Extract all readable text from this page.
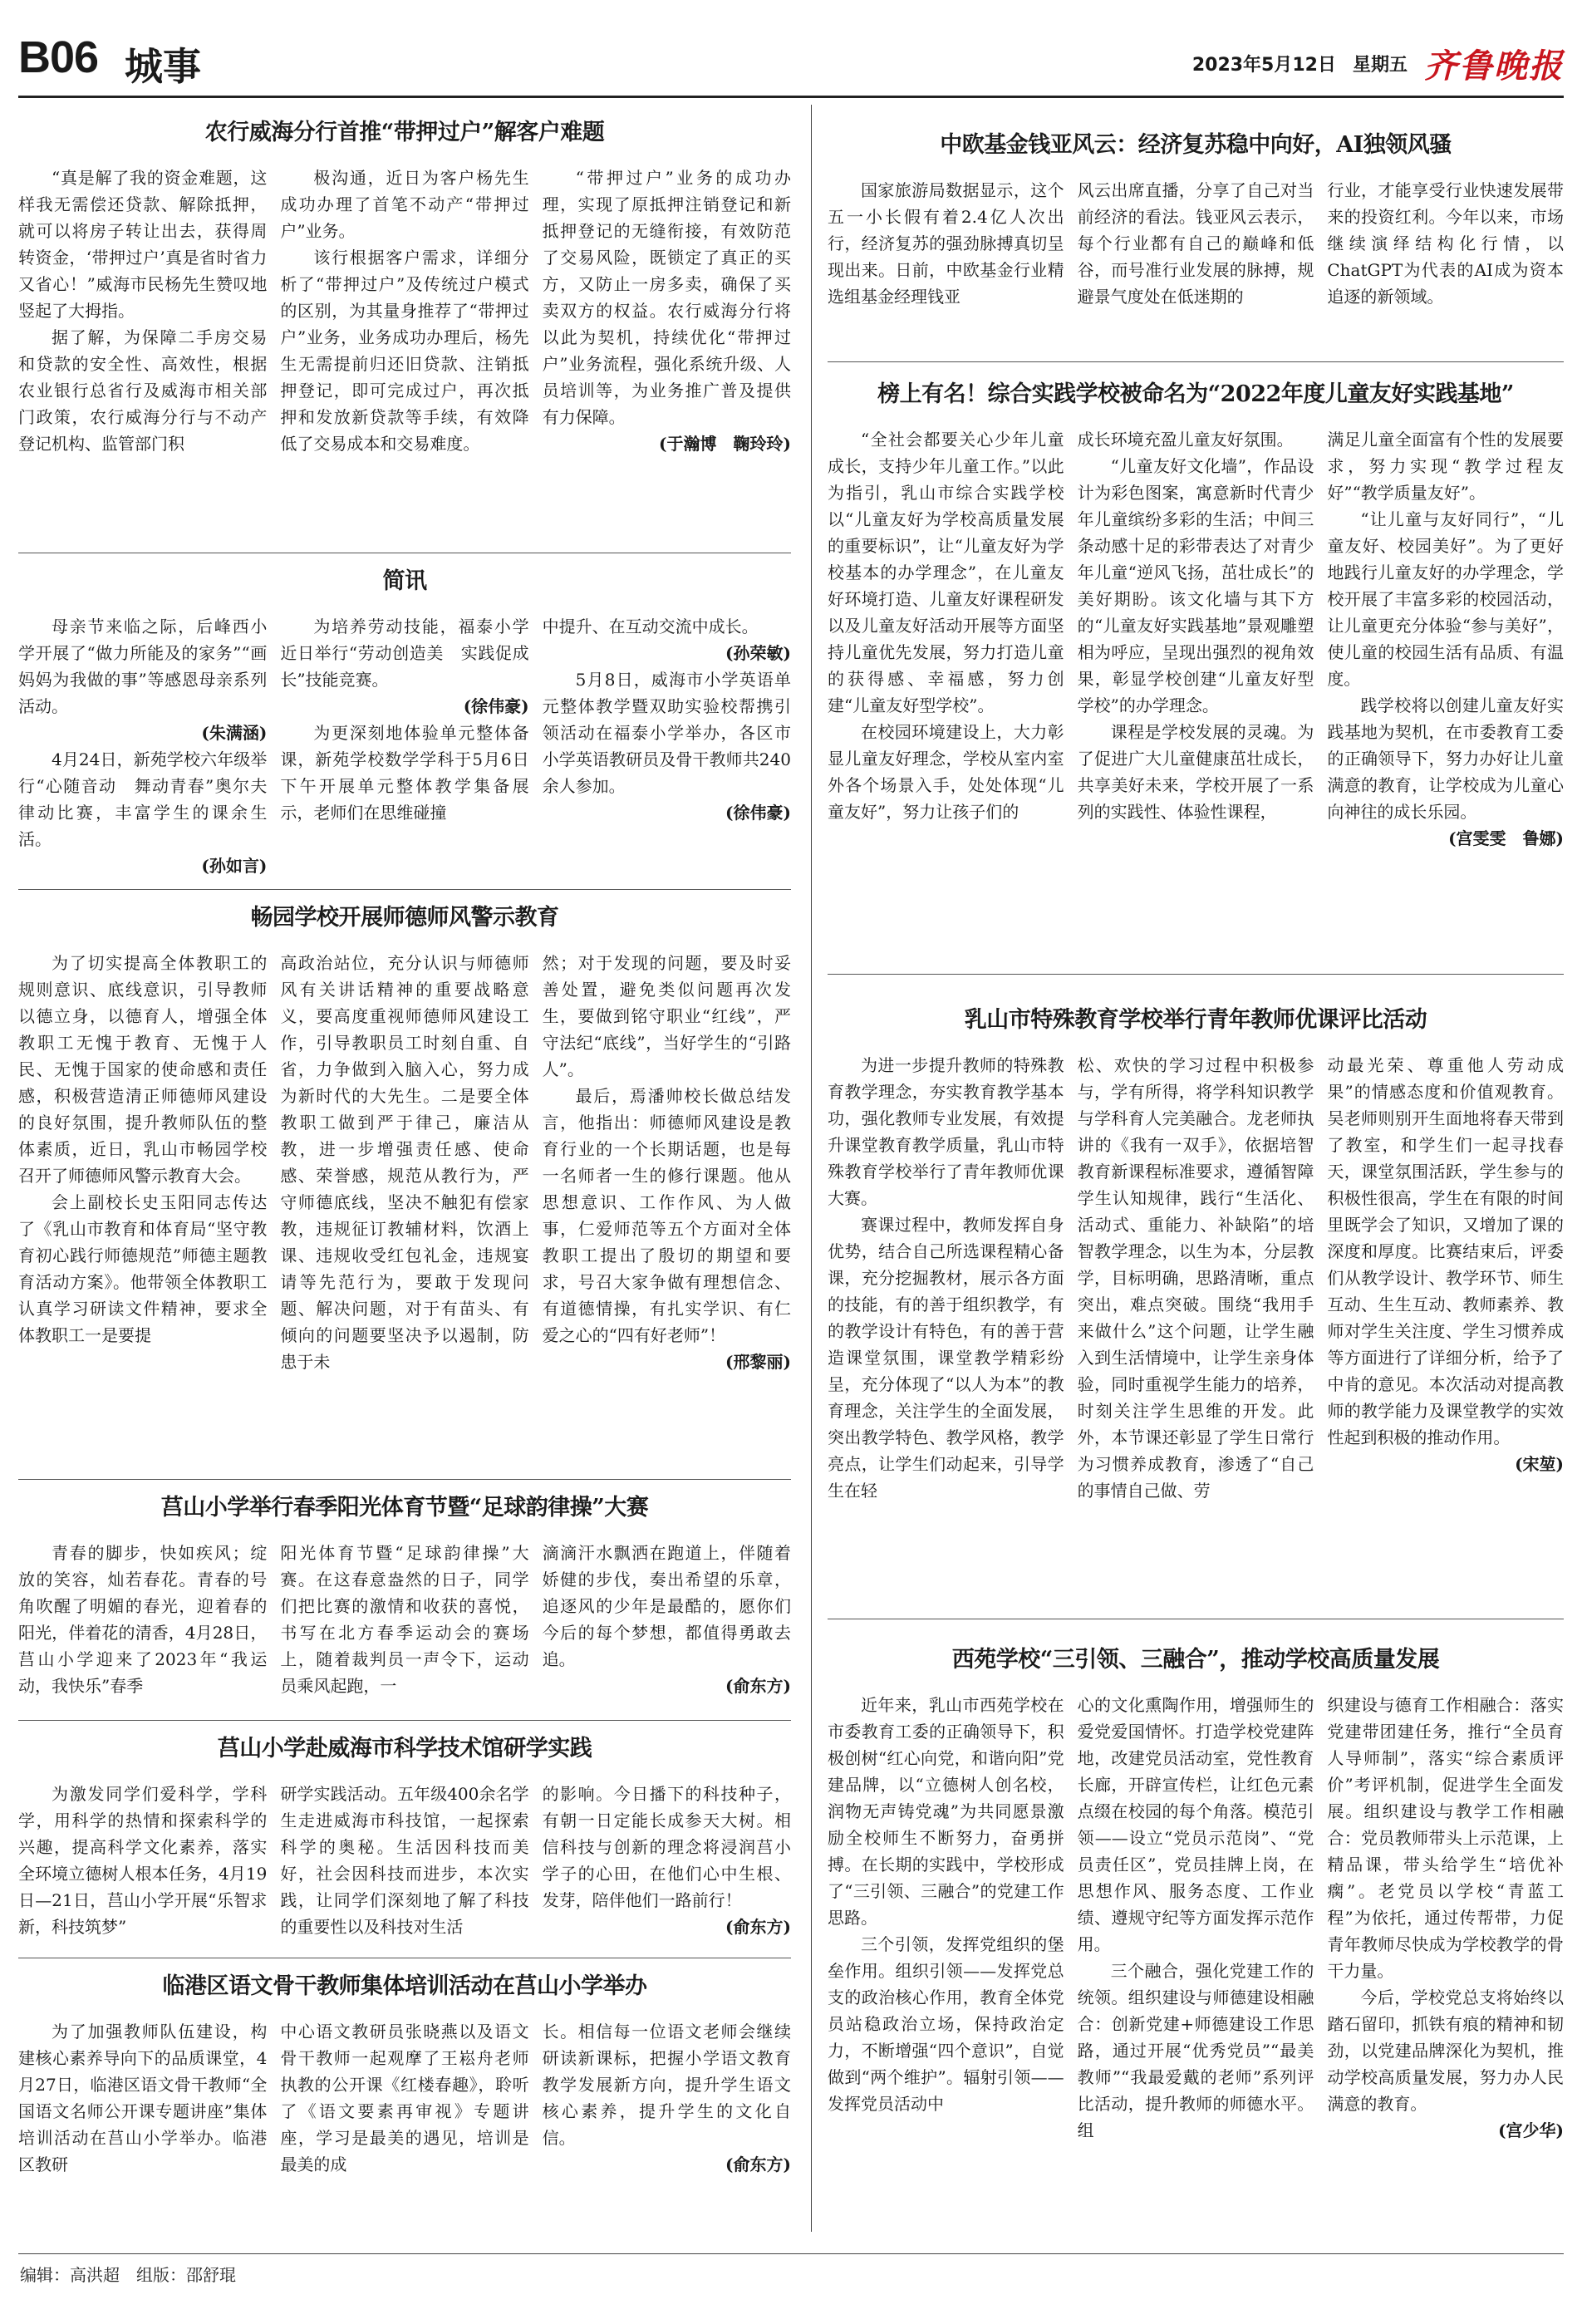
B06 城事	2023年5月12日 星期五 齐鲁晚报
农行威海分行首推“带押过户”解客户难题

“真是解了我的资金难题，这样我无需偿还贷款、解除抵押，就可以将房子转让出去，获得周转资金，‘带押过户’真是省时省力又省心！”威海市民杨先生赞叹地竖起了大拇指。

据了解，为保障二手房交易和贷款的安全性、高效性，根据农业银行总省行及威海市相关部门政策，农行威海分行与不动产登记机构、监管部门积

极沟通，近日为客户杨先生成功办理了首笔不动产“带押过户”业务。

该行根据客户需求，详细分析了“带押过户”及传统过户模式的区别，为其量身推荐了“带押过户”业务，业务成功办理后，杨先生无需提前归还旧贷款、注销抵押登记，即可完成过户，再次抵押和发放新贷款等手续，有效降低了交易成本和交易难度。

“带押过户”业务的成功办理，实现了原抵押注销登记和新抵押登记的无缝衔接，有效防范了交易风险，既锁定了真正的买方，又防止一房多卖，确保了买卖双方的权益。农行威海分行将以此为契机，持续优化“带押过户”业务流程，强化系统升级、人员培训等，为业务推广普及提供有力保障。

(于瀚博　鞠玲玲)

简讯

母亲节来临之际，后峰西小学开展了“做力所能及的家务”“画妈妈为我做的事”等感恩母亲系列活动。

(朱满涵)

4月24日，新苑学校六年级举行“心随音动　舞动青春”奥尔夫律动比赛，丰富学生的课余生活。

(孙如言)

为培养劳动技能，福泰小学近日举行“劳动创造美　实践促成长”技能竞赛。

(徐伟豪)

为更深刻地体验单元整体备课，新苑学校数学学科于5月6日下午开展单元整体教学集备展示，老师们在思维碰撞

中提升、在互动交流中成长。

(孙荣敏)

5月8日，威海市小学英语单元整体教学暨双助实验校帮携引领活动在福泰小学举办，各区市小学英语教研员及骨干教师共240余人参加。

(徐伟豪)

畅园学校开展师德师风警示教育

为了切实提高全体教职工的规则意识、底线意识，引导教师以德立身，以德育人，增强全体教职工无愧于教育、无愧于人民、无愧于国家的使命感和责任感，积极营造清正师德师风建设的良好氛围，提升教师队伍的整体素质，近日，乳山市畅园学校召开了师德师风警示教育大会。

会上副校长史玉阳同志传达了《乳山市教育和体育局“坚守教育初心践行师德规范”师德主题教育活动方案》。他带领全体教职工认真学习研读文件精神，要求全体教职工一是要提

高政治站位，充分认识与师德师风有关讲话精神的重要战略意义，要高度重视师德师风建设工作，引导教职员工时刻自重、自省，力争做到入脑入心，努力成为新时代的大先生。二是要全体教职工做到严于律己，廉洁从教，进一步增强责任感、使命感、荣誉感，规范从教行为，严守师德底线，坚决不触犯有偿家教，违规征订教辅材料，饮酒上课、违规收受红包礼金，违规宴请等先范行为，要敢于发现问题、解决问题，对于有苗头、有倾向的问题要坚决予以遏制，防患于未

然；对于发现的问题，要及时妥善处置，避免类似问题再次发生，要做到铭守职业“红线”，严守法纪“底线”，当好学生的“引路人”。

最后，焉潘帅校长做总结发言，他指出：师德师风建设是教育行业的一个长期话题，也是每一名师者一生的修行课题。他从思想意识、工作作风、为人做事，仁爱师范等五个方面对全体教职工提出了殷切的期望和要求，号召大家争做有理想信念、有道德情操，有扎实学识、有仁爱之心的“四有好老师”！

(邢黎丽)

莒山小学举行春季阳光体育节暨“足球韵律操”大赛

青春的脚步，快如疾风；绽放的笑容，灿若春花。青春的号角吹醒了明媚的春光，迎着春的阳光，伴着花的清香，4月28日，莒山小学迎来了2023年“我运动，我快乐”春季

阳光体育节暨“足球韵律操”大赛。在这春意盎然的日子，同学们把比赛的激情和收获的喜悦，书写在北方春季运动会的赛场上，随着裁判员一声令下，运动员乘风起跑，一

滴滴汗水飘洒在跑道上，伴随着娇健的步伐，奏出希望的乐章，追逐风的少年是最酷的，愿你们今后的每个梦想，都值得勇敢去追。

(俞东方)

莒山小学赴威海市科学技术馆研学实践

为激发同学们爱科学，学科学，用科学的热情和探索科学的兴趣，提高科学文化素养，落实全环境立德树人根本任务，4月19日—21日，莒山小学开展“乐智求新，科技筑梦”

研学实践活动。五年级400余名学生走进威海市科技馆，一起探索科学的奥秘。生活因科技而美好，社会因科技而进步，本次实践，让同学们深刻地了解了科技的重要性以及科技对生活

的影响。今日播下的科技种子，有朝一日定能长成参天大树。相信科技与创新的理念将浸润莒小学子的心田，在他们心中生根、发芽，陪伴他们一路前行！

(俞东方)

临港区语文骨干教师集体培训活动在莒山小学举办

为了加强教师队伍建设，构建核心素养导向下的品质课堂，4月27日，临港区语文骨干教师“全国语文名师公开课专题讲座”集体培训活动在莒山小学举办。临港区教研

中心语文教研员张晓燕以及语文骨干教师一起观摩了王崧舟老师执教的公开课《红楼春趣》，聆听了《语文要素再审视》专题讲座，学习是最美的遇见，培训是最美的成

长。相信每一位语文老师会继续研读新课标，把握小学语文教育教学发展新方向，提升学生语文核心素养，提升学生的文化自信。

(俞东方)

中欧基金钱亚风云：经济复苏稳中向好，AI独领风骚

国家旅游局数据显示，这个五一小长假有着2.4亿人次出行，经济复苏的强劲脉搏真切呈现出来。日前，中欧基金行业精选组基金经理钱亚

风云出席直播，分享了自己对当前经济的看法。钱亚风云表示，每个行业都有自己的巅峰和低谷，而号准行业发展的脉搏，规避景气度处在低迷期的

行业，才能享受行业快速发展带来的投资红利。今年以来，市场继续演绎结构化行情，以ChatGPT为代表的AI成为资本追逐的新领域。

榜上有名！综合实践学校被命名为“2022年度儿童友好实践基地”

“全社会都要关心少年儿童成长，支持少年儿童工作。”以此为指引，乳山市综合实践学校以“儿童友好为学校高质量发展的重要标识”，让“儿童友好为学校基本的办学理念”，在儿童友好环境打造、儿童友好课程研发以及儿童友好活动开展等方面坚持儿童优先发展，努力打造儿童的获得感、幸福感，努力创建“儿童友好型学校”。

在校园环境建设上，大力彰显儿童友好理念，学校从室内室外各个场景入手，处处体现“儿童友好”，努力让孩子们的

成长环境充盈儿童友好氛围。

“儿童友好文化墙”，作品设计为彩色图案，寓意新时代青少年儿童缤纷多彩的生活；中间三条动感十足的彩带表达了对青少年儿童“逆风飞扬，茁壮成长”的美好期盼。该文化墙与其下方的“儿童友好实践基地”景观雕塑相为呼应，呈现出强烈的视角效果，彰显学校创建“儿童友好型学校”的办学理念。

课程是学校发展的灵魂。为了促进广大儿童健康茁壮成长，共享美好未来，学校开展了一系列的实践性、体验性课程，

满足儿童全面富有个性的发展要求，努力实现“教学过程友好”“教学质量友好”。

“让儿童与友好同行”，“儿童友好、校园美好”。为了更好地践行儿童友好的办学理念，学校开展了丰富多彩的校园活动，让儿童更充分体验“参与美好”，使儿童的校园生活有品质、有温度。

践学校将以创建儿童友好实践基地为契机，在市委教育工委的正确领导下，努力办好让儿童满意的教育，让学校成为儿童心向神往的成长乐园。

(宫雯雯　鲁娜)

乳山市特殊教育学校举行青年教师优课评比活动

为进一步提升教师的特殊教育教学理念，夯实教育教学基本功，强化教师专业发展，有效提升课堂教育教学质量，乳山市特殊教育学校举行了青年教师优课大赛。

赛课过程中，教师发挥自身优势，结合自己所选课程精心备课，充分挖掘教材，展示各方面的技能，有的善于组织教学，有的教学设计有特色，有的善于营造课堂氛围，课堂教学精彩纷呈，充分体现了“以人为本”的教育理念，关注学生的全面发展，突出教学特色、教学风格，教学亮点，让学生们动起来，引导学生在轻

松、欢快的学习过程中积极参与，学有所得，将学科知识教学与学科育人完美融合。龙老师执讲的《我有一双手》，依据培智教育新课程标准要求，遵循智障学生认知规律，践行“生活化、活动式、重能力、补缺陷”的培智教学理念，以生为本，分层教学，目标明确，思路清晰，重点突出，难点突破。围绕“我用手来做什么”这个问题，让学生融入到生活情境中，让学生亲身体验，同时重视学生能力的培养，时刻关注学生思维的开发。此外，本节课还彰显了学生日常行为习惯养成教育，渗透了“自己的事情自己做、劳

动最光荣、尊重他人劳动成果”的情感态度和价值观教育。吴老师则别开生面地将春天带到了教室，和学生们一起寻找春天，课堂氛围活跃，学生参与的积极性很高，学生在有限的时间里既学会了知识，又增加了课的深度和厚度。比赛结束后，评委们从教学设计、教学环节、师生互动、生生互动、教师素养、教师对学生关注度、学生习惯养成等方面进行了详细分析，给予了中肯的意见。本次活动对提高教师的教学能力及课堂教学的实效性起到积极的推动作用。

(宋堃)

西苑学校“三引领、三融合”，推动学校高质量发展

近年来，乳山市西苑学校在市委教育工委的正确领导下，积极创树“红心向党，和谐向阳”党建品牌，以“立德树人创名校，润物无声铸党魂”为共同愿景激励全校师生不断努力，奋勇拼搏。在长期的实践中，学校形成了“三引领、三融合”的党建工作思路。

三个引领，发挥党组织的堡垒作用。组织引领——发挥党总支的政治核心作用，教育全体党员站稳政治立场，保持政治定力，不断增强“四个意识”，自觉做到“两个维护”。辐射引领——发挥党员活动中

心的文化熏陶作用，增强师生的爱党爱国情怀。打造学校党建阵地，改建党员活动室，党性教育长廊，开辟宣传栏，让红色元素点缀在校园的每个角落。模范引领——设立“党员示范岗”、“党员责任区”，党员挂牌上岗，在思想作风、服务态度、工作业绩、遵规守纪等方面发挥示范作用。

三个融合，强化党建工作的统领。组织建设与师德建设相融合：创新党建+师德建设工作思路，通过开展“优秀党员”“最美教师”“我最爱戴的老师”系列评比活动，提升教师的师德水平。组

织建设与德育工作相融合：落实党建带团建任务，推行“全员育人导师制”，落实“综合素质评价”考评机制，促进学生全面发展。组织建设与教学工作相融合：党员教师带头上示范课，上精品课，带头给学生“培优补瘸”。老党员以学校“青蓝工程”为依托，通过传帮带，力促青年教师尽快成为学校教学的骨干力量。

今后，学校党总支将始终以踏石留印，抓铁有痕的精神和韧劲，以党建品牌深化为契机，推动学校高质量发展，努力办人民满意的教育。

(宫少华)

编辑：高洪超　组版：邵舒琨
